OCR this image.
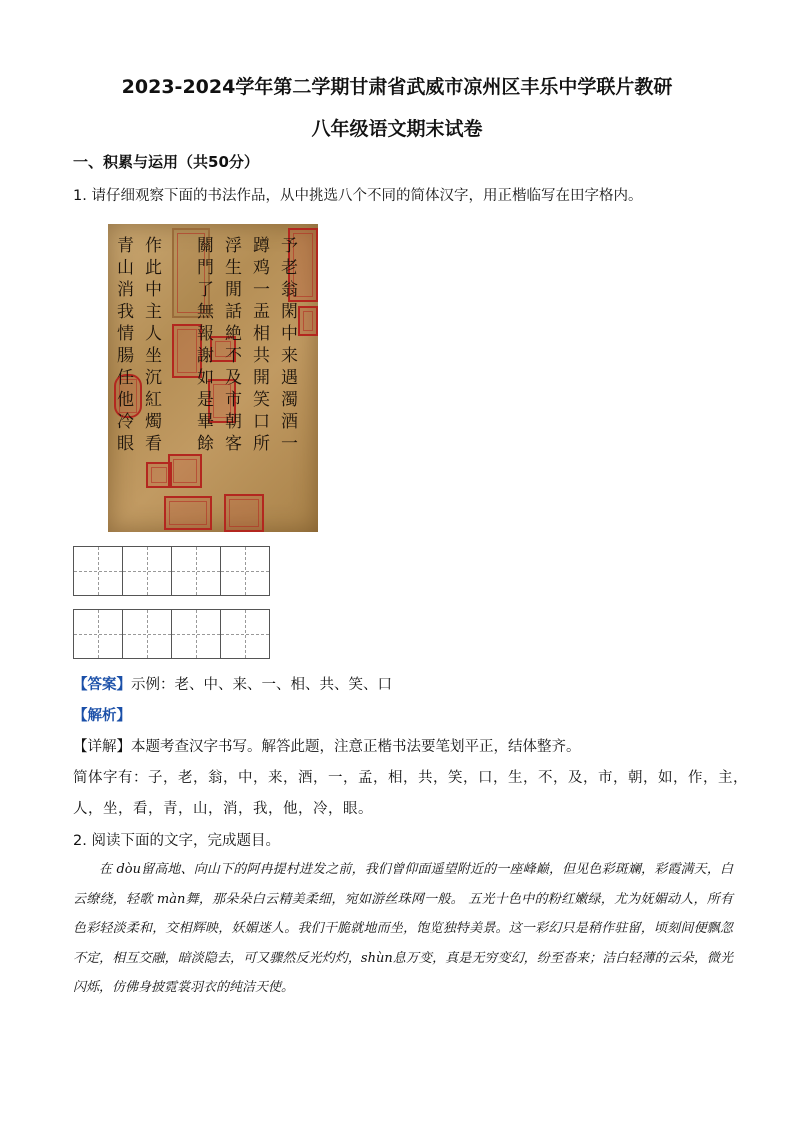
2023-2024学年第二学期甘肃省武威市凉州区丰乐中学联片教研
八年级语文期末试卷
一、积累与运用（共50分）
1. 请仔细观察下面的书法作品，从中挑选八个不同的简体汉字，用正楷临写在田字格内。
予老翁閑中来遇濁酒一
蹲鸡一盂相共開笑口所
浮生閒話絶不及市朝客
關門了無報謝如是畢餘
作此中主人坐沉紅燭看
青山消我情腸任他冷眼
【答案】示例：老、中、来、一、相、共、笑、口
【解析】
【详解】本题考查汉字书写。解答此题，注意正楷书法要笔划平正，结体整齐。
简体字有：子，老，翁，中，来，酒，一，孟，相，共，笑，口，生，不，及，市，朝，如，作，主，
人，坐，看，青，山，消，我，他，冷，眼。
2. 阅读下面的文字，完成题目。

在 dòu留高地、向山下的阿冉提村进发之前，我们曾仰面遥望附近的一座峰巅，但见色彩斑斓，彩霞满天，白云缭绕，轻歌 màn舞，那朵朵白云精美柔细，宛如游丝珠网一般。 五光十色中的粉红嫩绿，尤为妩媚动人，所有色彩轻淡柔和，交相辉映，妖媚迷人。我们干脆就地而坐，饱览独特美景。这一彩幻只是稍作驻留，顷刻间便飘忽不定，相互交融，暗淡隐去，可又骤然反光灼灼，shùn息万变，真是无穷变幻，纷至沓来；洁白轻薄的云朵，微光闪烁，仿佛身披霓裳羽衣的纯洁天使。
